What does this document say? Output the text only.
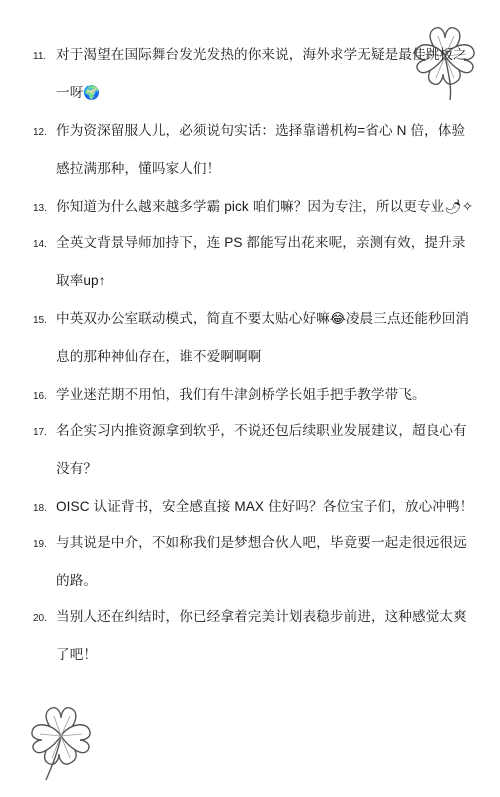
11. 对于渴望在国际舞台发光发热的你来说，海外求学无疑是最佳跳板之一呀🌍
12. 作为资深留服人儿，必须说句实话：选择靠谱机构=省心 N 倍，体验感拉满那种，懂吗家人们！
13. 你知道为什么越来越多学霸 pick 咱们嘛？因为专注，所以更专业🌶✧
14. 全英文背景导师加持下，连 PS 都能写出花来呢，亲测有效，提升录取率up↑
15. 中英双办公室联动模式，简直不要太贴心好嘛😂凌晨三点还能秒回消息的那种神仙存在，谁不爱啊啊啊
16. 学业迷茫期不用怕，我们有牛津剑桥学长姐手把手教学带飞。
17. 名企实习内推资源拿到软乎，不说还包后续职业发展建议，超良心有没有？
18. OISC 认证背书，安全感直接 MAX 住好吗？各位宝子们，放心冲鸭！
19. 与其说是中介，不如称我们是梦想合伙人吧，毕竟要一起走很远很远的路。
20. 当别人还在纠结时，你已经拿着完美计划表稳步前进，这种感觉太爽了吧！
